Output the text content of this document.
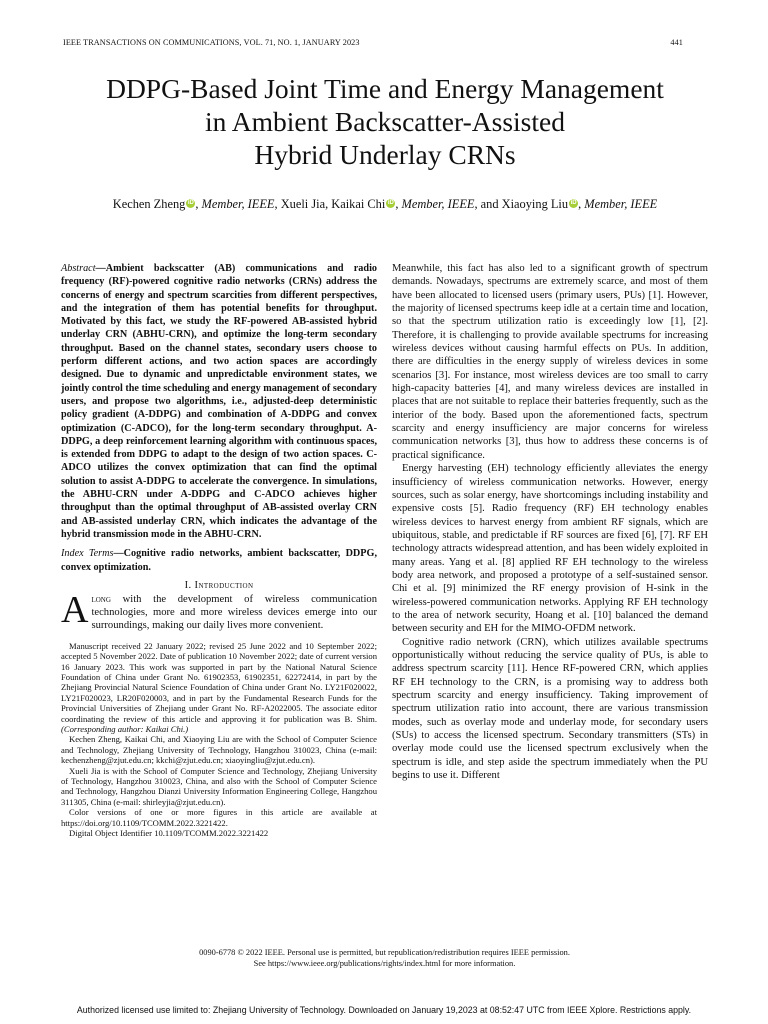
IEEE TRANSACTIONS ON COMMUNICATIONS, VOL. 71, NO. 1, JANUARY 2023	441
DDPG-Based Joint Time and Energy Management
in Ambient Backscatter-Assisted
Hybrid Underlay CRNs
Kechen Zheng iD , Member, IEEE, Xueli Jia, Kaikai Chi iD , Member, IEEE, and Xiaoying Liu iD , Member, IEEE

Abstract—Ambient backscatter (AB) communications and radio frequency (RF)-powered cognitive radio networks (CRNs) address the concerns of energy and spectrum scarcities from different perspectives, and the integration of them has potential benefits for throughput. Motivated by this fact, we study the RF-powered AB-assisted hybrid underlay CRN (ABHU-CRN), and optimize the long-term secondary throughput. Based on the channel states, secondary users choose to perform different actions, and two action spaces are accordingly designed. Due to dynamic and unpredictable environment states, we jointly control the time scheduling and energy management of secondary users, and propose two algorithms, i.e., adjusted-deep deterministic policy gradient (A-DDPG) and combination of A-DDPG and convex optimization (C-ADCO), for the long-term secondary throughput. A-DDPG, a deep reinforcement learning algorithm with continuous spaces, is extended from DDPG to adapt to the design of two action spaces. C-ADCO utilizes the convex optimization that can find the optimal solution to assist A-DDPG to accelerate the convergence. In simulations, the ABHU-CRN under A-DDPG and C-ADCO achieves higher throughput than the optimal throughput of AB-assisted overlay CRN and AB-assisted underlay CRN, which indicates the advantage of the hybrid transmission mode in the ABHU-CRN.

Index Terms—Cognitive radio networks, ambient backscatter, DDPG, convex optimization.

I. Introduction

Along with the development of wireless communication technologies, more and more wireless devices emerge into our surroundings, making our daily lives more convenient.

Manuscript received 22 January 2022; revised 25 June 2022 and 10 September 2022; accepted 5 November 2022. Date of publication 10 November 2022; date of current version 16 January 2023. This work was supported in part by the National Natural Science Foundation of China under Grant No. 61902353, 61902351, 62272414, in part by the Zhejiang Provincial Natural Science Foundation of China under Grant No. LY21F020022, LY21F020023, LR20F020003, and in part by the Fundamental Research Funds for the Provincial Universities of Zhejiang under Grant No. RF-A2022005. The associate editor coordinating the review of this article and approving it for publication was B. Shim. (Corresponding author: Kaikai Chi.)

Kechen Zheng, Kaikai Chi, and Xiaoying Liu are with the School of Computer Science and Technology, Zhejiang University of Technology, Hangzhou 310023, China (e-mail: kechenzheng@zjut.edu.cn; kkchi@zjut.edu.cn; xiaoyingliu@zjut.edu.cn).

Xueli Jia is with the School of Computer Science and Technology, Zhejiang University of Technology, Hangzhou 310023, China, and also with the School of Computer Science and Technology, Hangzhou Dianzi University Information Engineering College, Hangzhou 311305, China (e-mail: shirleyjia@zjut.edu.cn).

Color versions of one or more figures in this article are available at https://doi.org/10.1109/TCOMM.2022.3221422.

Digital Object Identifier 10.1109/TCOMM.2022.3221422

Meanwhile, this fact has also led to a significant growth of spectrum demands. Nowadays, spectrums are extremely scarce, and most of them have been allocated to licensed users (primary users, PUs) [1]. However, the majority of licensed spectrums keep idle at a certain time and location, so that the spectrum utilization ratio is exceedingly low [1], [2]. Therefore, it is challenging to provide available spectrums for increasing wireless devices without causing harmful effects on PUs. In addition, there are difficulties in the energy supply of wireless devices in some scenarios [3]. For instance, most wireless devices are too small to carry high-capacity batteries [4], and many wireless devices are installed in places that are not suitable to replace their batteries frequently, such as the interior of the body. Based upon the aforementioned facts, spectrum scarcity and energy insufficiency are major concerns for wireless communication networks [3], thus how to address these concerns is of practical significance.

Energy harvesting (EH) technology efficiently alleviates the energy insufficiency of wireless communication networks. However, energy sources, such as solar energy, have shortcomings including instability and expensive costs [5]. Radio frequency (RF) EH technology enables wireless devices to harvest energy from ambient RF signals, which are ubiquitous, stable, and predictable if RF sources are fixed [6], [7]. RF EH technology attracts widespread attention, and has been widely exploited in many areas. Yang et al. [8] applied RF EH technology to the wireless body area network, and proposed a prototype of a self-sustained sensor. Chi et al. [9] minimized the RF energy provision of H-sink in the wireless-powered communication networks. Applying RF EH technology to the area of network security, Hoang et al. [10] balanced the demand between security and EH for the MIMO-OFDM network.

Cognitive radio network (CRN), which utilizes available spectrums opportunistically without reducing the service quality of PUs, is able to address spectrum scarcity [11]. Hence RF-powered CRN, which applies RF EH technology to the CRN, is a promising way to address both spectrum scarcity and energy insufficiency. Taking improvement of spectrum utilization ratio into account, there are various transmission modes, such as overlay mode and underlay mode, for secondary users (SUs) to access the licensed spectrum. Secondary transmitters (STs) in overlay mode could use the licensed spectrum exclusively when the spectrum is idle, and step aside the spectrum immediately when the PU begins to use it. Different

0090-6778 © 2022 IEEE. Personal use is permitted, but republication/redistribution requires IEEE permission.
See https://www.ieee.org/publications/rights/index.html for more information.
Authorized licensed use limited to: Zhejiang University of Technology. Downloaded on January 19,2023 at 08:52:47 UTC from IEEE Xplore. Restrictions apply.
